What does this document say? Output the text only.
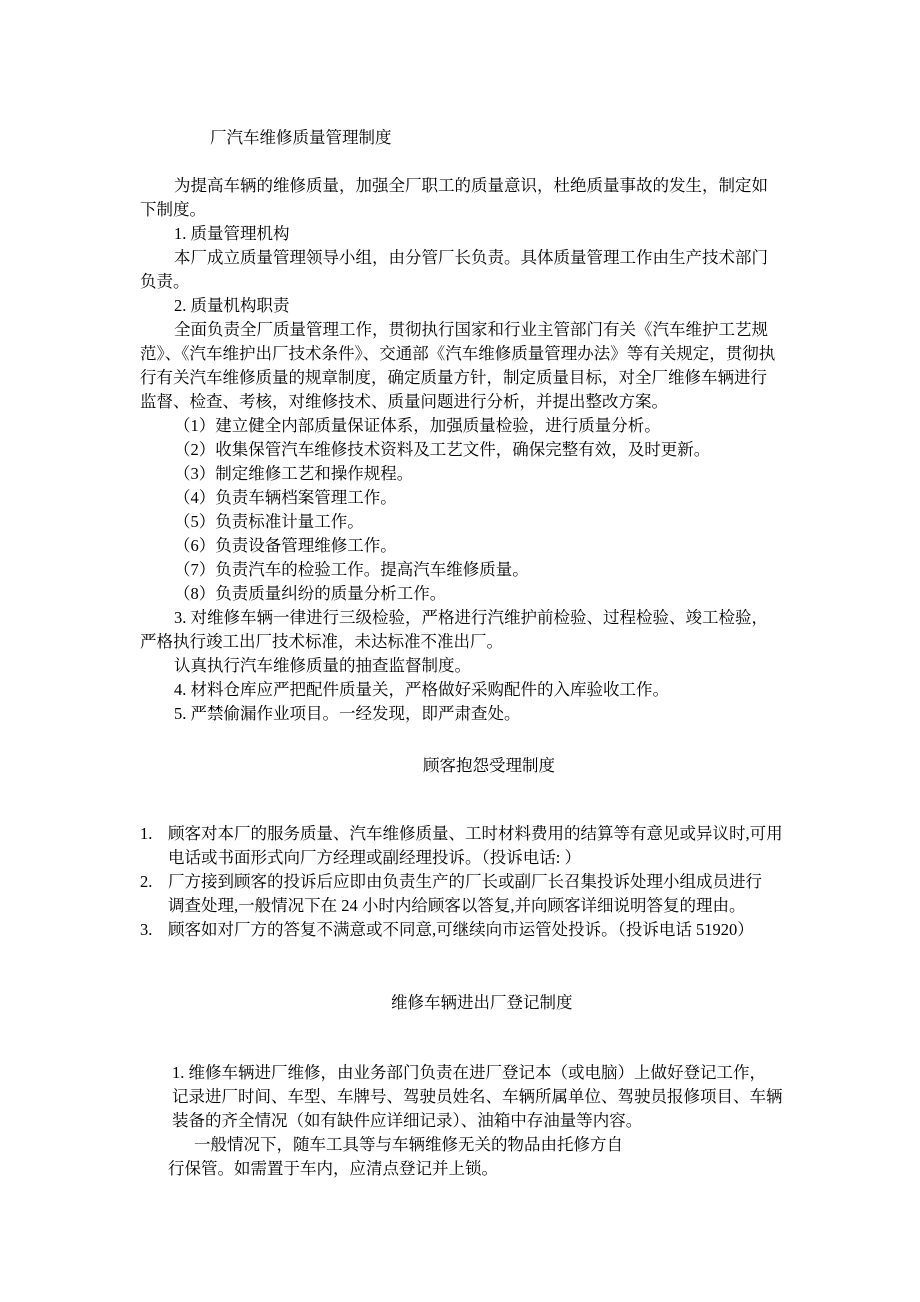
厂汽车维修质量管理制度
为提高车辆的维修质量，加强全厂职工的质量意识，杜绝质量事故的发生，制定如
下制度。
1. 质量管理机构
本厂成立质量管理领导小组，由分管厂长负责。具体质量管理工作由生产技术部门
负责。
2. 质量机构职责
全面负责全厂质量管理工作，贯彻执行国家和行业主管部门有关《汽车维护工艺规
范》、《汽车维护出厂技术条件》、交通部《汽车维修质量管理办法》等有关规定，贯彻执
行有关汽车维修质量的规章制度，确定质量方针，制定质量目标，对全厂维修车辆进行
监督、检查、考核，对维修技术、质量问题进行分析，并提出整改方案。
（1）建立健全内部质量保证体系，加强质量检验，进行质量分析。
（2）收集保管汽车维修技术资料及工艺文件，确保完整有效，及时更新。
（3）制定维修工艺和操作规程。
（4）负责车辆档案管理工作。
（5）负责标准计量工作。
（6）负责设备管理维修工作。
（7）负责汽车的检验工作。提高汽车维修质量。
（8）负责质量纠纷的质量分析工作。
3. 对维修车辆一律进行三级检验，严格进行汽维护前检验、过程检验、竣工检验，
严格执行竣工出厂技术标准，未达标准不准出厂。
认真执行汽车维修质量的抽查监督制度。
4. 材料仓库应严把配件质量关，严格做好采购配件的入库验收工作。
5. 严禁偷漏作业项目。一经发现，即严肃查处。
顾客抱怨受理制度
1. 顾客对本厂的服务质量、汽车维修质量、工时材料费用的结算等有意见或异议时,可用
电话或书面形式向厂方经理或副经理投诉。（投诉电话: ）
2. 厂方接到顾客的投诉后应即由负责生产的厂长或副厂长召集投诉处理小组成员进行
调查处理,一般情况下在 24 小时内给顾客以答复,并向顾客详细说明答复的理由。
3. 顾客如对厂方的答复不满意或不同意,可继续向市运管处投诉。（投诉电话 51920）
维修车辆进出厂登记制度
1. 维修车辆进厂维修，由业务部门负责在进厂登记本（或电脑）上做好登记工作，
记录进厂时间、车型、车牌号、驾驶员姓名、车辆所属单位、驾驶员报修项目、车辆
装备的齐全情况（如有缺件应详细记录）、油箱中存油量等内容。
一般情况下，随车工具等与车辆维修无关的物品由托修方自
行保管。如需置于车内，应清点登记并上锁。
